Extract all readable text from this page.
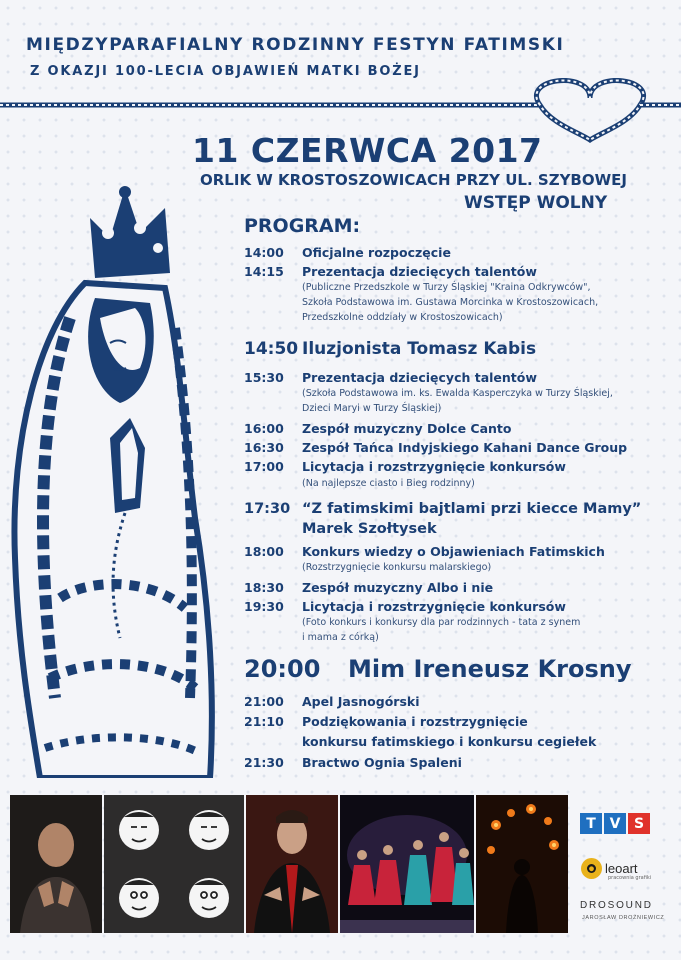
MIĘDZYPARAFIALNY RODZINNY FESTYN FATIMSKI
Z OKAZJI 100-LECIA OBJAWIEŃ MATKI BOŻEJ
11 CZERWCA 2017
ORLIK W KROSTOSZOWICACH PRZY UL. SZYBOWEJ
WSTĘP WOLNY
PROGRAM:
14:00 Oficjalne rozpoczęcie
14:15 Prezentacja dziecięcych talentów
(Publiczne Przedszkole w Turzy Śląskiej "Kraina Odkrywców",
Szkoła Podstawowa im. Gustawa Morcinka w Krostoszowicach,
Przedszkolne oddziały w Krostoszowicach)
14:50 Iluzjonista Tomasz Kabis
15:30 Prezentacja dziecięcych talentów
(Szkoła Podstawowa im. ks. Ewalda Kasperczyka w Turzy Śląskiej,
Dzieci Maryi w Turzy Śląskiej)
16:00 Zespół muzyczny Dolce Canto
16:30 Zespół Tańca Indyjskiego Kahani Dance Group
17:00 Licytacja i rozstrzygnięcie konkursów
(Na najlepsze ciasto i Bieg rodzinny)
17:30 “Z fatimskimi bajtlami przi kiecce Mamy”
Marek Szołtysek
18:00 Konkurs wiedzy o Objawieniach Fatimskich
(Rozstrzygnięcie konkursu malarskiego)
18:30 Zespół muzyczny Albo i nie
19:30 Licytacja i rozstrzygnięcie konkursów
(Foto konkurs i konkursy dla par rodzinnych - tata z synem
i mama z córką)
20:00 Mim Ireneusz Krosny
21:00 Apel Jasnogórski
21:10 Podziękowania i rozstrzygnięcie
konkursu fatimskiego i konkursu cegiełek
21:30 Bractwo Ognia Spaleni
T V S
leoart
pracownia grafiki
DROSOUND
JAROSŁAW DROŹNIEWICZ
